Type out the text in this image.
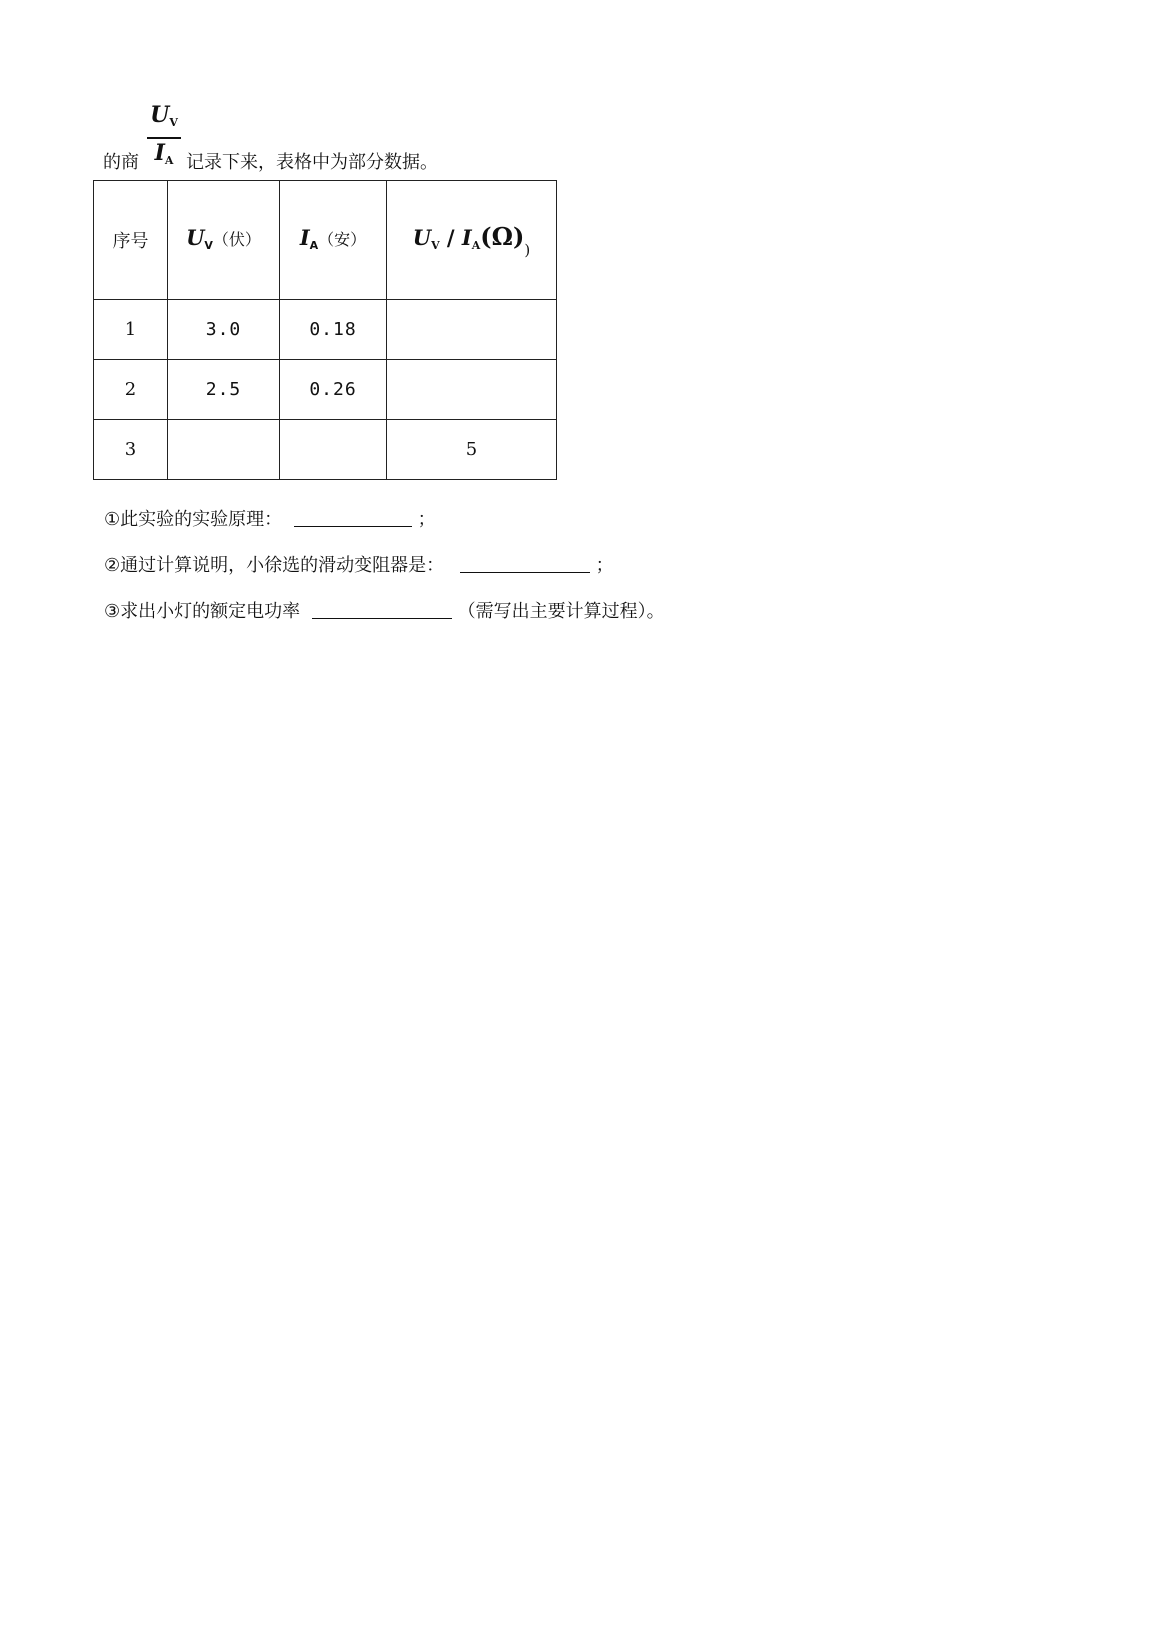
的商
$U_V$
$I_A$ 记录下来，表格中为部分数据。
序号	$U_V$（伏）	$I_A$（安）	$U_V / I_A(\Omega)_)$
1	3.0	0.18	
2	2.5	0.26	
3			5
①此实验的实验原理：	；
②通过计算说明，小徐选的滑动变阻器是：	；
③求出小灯的额定电功率	（需写出主要计算过程）。
